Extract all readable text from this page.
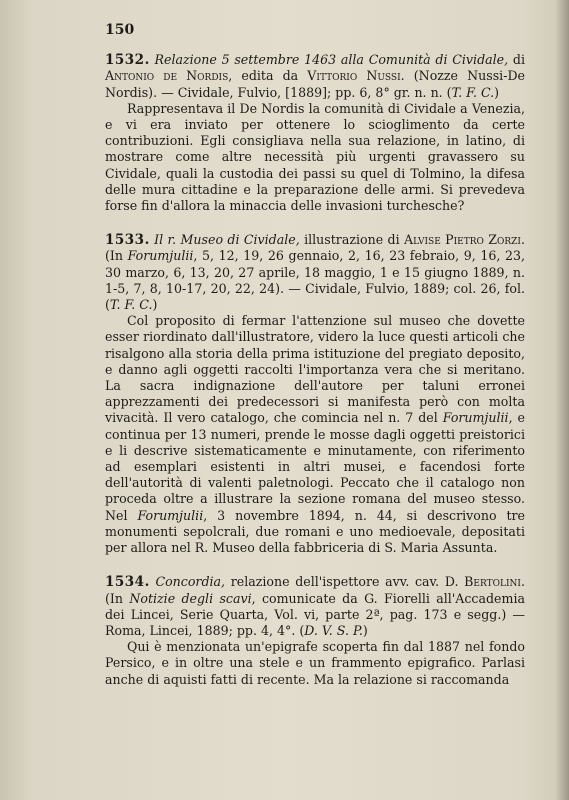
150

1532. Relazione 5 settembre 1463 alla Comunità di Cividale, di Antonio de Nordis, edita da Vittorio Nussi. (Nozze Nussi-De Nordis). — Cividale, Fulvio, [1889]; pp. 6, 8° gr. n. n. (T. F. C.)

Rappresentava il De Nordis la comunità di Cividale a Venezia, e vi era inviato per ottenere lo scioglimento da certe contribuzioni. Egli consigliava nella sua relazione, in latino, di mostrare come altre necessità più urgenti gravassero su Cividale, quali la custodia dei passi su quel di Tolmino, la difesa delle mura cittadine e la preparazione delle armi. Si prevedeva forse fin d'allora la minaccia delle invasioni turchesche?

1533. Il r. Museo di Cividale, illustrazione di Alvise Pietro Zorzi. (In Forumjulii, 5, 12, 19, 26 gennaio, 2, 16, 23 febraio, 9, 16, 23, 30 marzo, 6, 13, 20, 27 aprile, 18 maggio, 1 e 15 giugno 1889, n. 1-5, 7, 8, 10-17, 20, 22, 24). — Cividale, Fulvio, 1889; col. 26, fol. (T. F. C.)

Col proposito di fermar l'attenzione sul museo che dovette esser riordinato dall'illustratore, videro la luce questi articoli che risalgono alla storia della prima istituzione del pregiato deposito, e danno agli oggetti raccolti l'importanza vera che si meritano. La sacra indignazione dell'autore per taluni erronei apprezzamenti dei predecessori si manifesta però con molta vivacità. Il vero catalogo, che comincia nel n. 7 del Forumjulii, e continua per 13 numeri, prende le mosse dagli oggetti preistorici e li descrive sistematicamente e minutamente, con riferimento ad esemplari esistenti in altri musei, e facendosi forte dell'autorità di valenti paletnologi. Peccato che il catalogo non proceda oltre a illustrare la sezione romana del museo stesso. Nel Forumjulii, 3 novembre 1894, n. 44, si descrivono tre monumenti sepolcrali, due romani e uno medioevale, depositati per allora nel R. Museo della fabbriceria di S. Maria Assunta.

1534. Concordia, relazione dell'ispettore avv. cav. D. Bertolini. (In Notizie degli scavi, comunicate da G. Fiorelli all'Accademia dei Lincei, Serie Quarta, Vol. vi, parte 2ª, pag. 173 e segg.) — Roma, Lincei, 1889; pp. 4, 4°. (D. V. S. P.)

Qui è menzionata un'epigrafe scoperta fin dal 1887 nel fondo Persico, e in oltre una stele e un frammento epigrafico. Parlasi anche di aquisti fatti di recente. Ma la relazione si raccomanda
